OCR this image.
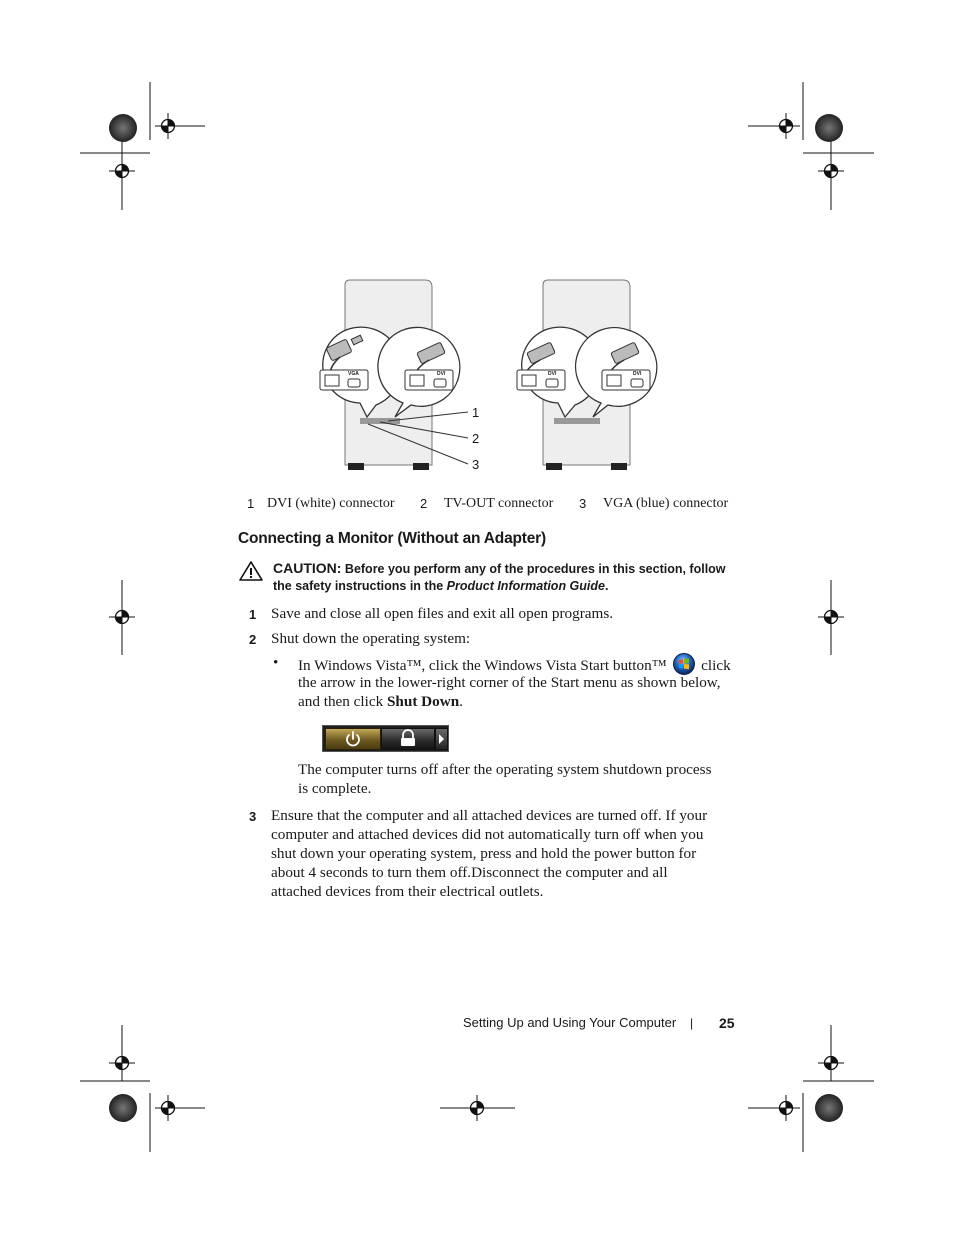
VGA	DVI	DVI	DVI
1
2
3
1 DVI (white) connector 2 TV-OUT connector 3 VGA (blue) connector
Connecting a Monitor (Without an Adapter)
CAUTION: Before you perform any of the procedures in this section, follow the safety instructions in the Product Information Guide.
1 Save and close all open files and exit all open programs.
2 Shut down the operating system:
• In Windows Vista™, click the Windows Vista Start button™ click
the arrow in the lower-right corner of the Start menu as shown below,
and then click Shut Down.
The computer turns off after the operating system shutdown process
is complete.
3 Ensure that the computer and all attached devices are turned off. If your
computer and attached devices did not automatically turn off when you
shut down your operating system, press and hold the power button for
about 4 seconds to turn them off.Disconnect the computer and all
attached devices from their electrical outlets.
Setting Up and Using Your Computer | 25
